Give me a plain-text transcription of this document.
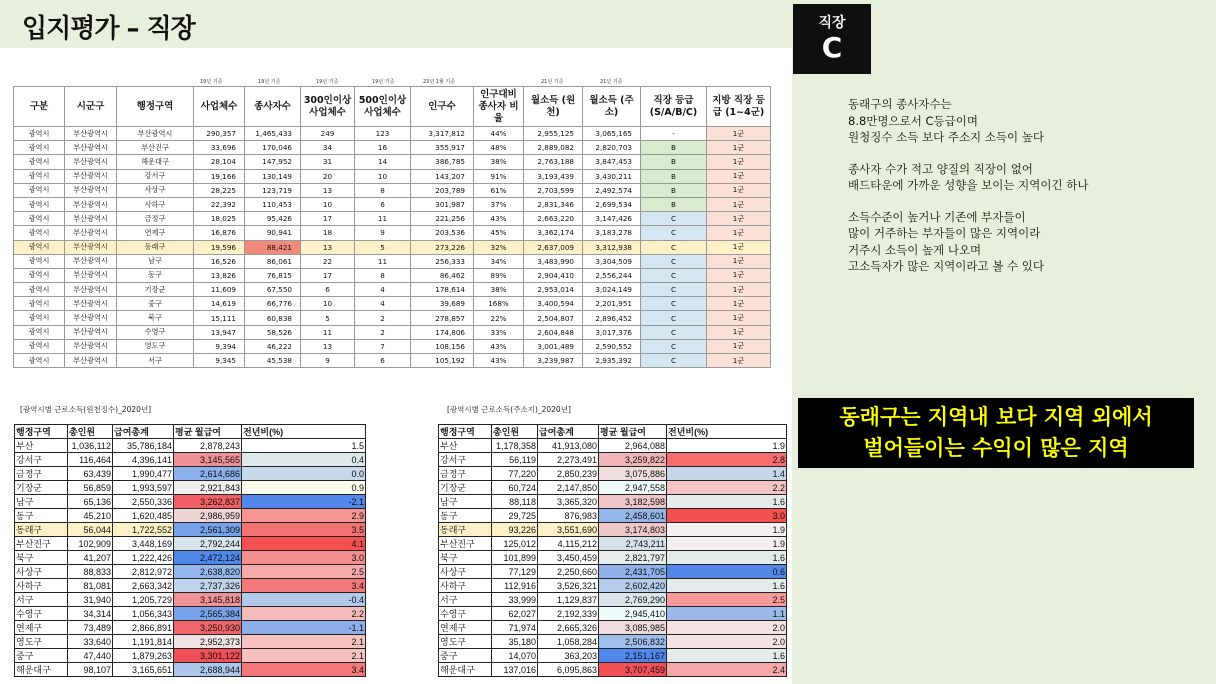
입지평가 – 직장	직장
C
19년 기준	19년 기준	19년 기준	19년 기준	23년 1월 기준	21년 기준	21년 기준
구분	시군구	행정구역	사업체수	종사자수	300인이상 사업체수	500인이상 사업체수	인구수	인구대비 종사자 비율	월소득 (원천)	월소득 (주소)	직장 등급 (S/A/B/C)	지방 직장 등급 (1~4군)
광역시	부산광역시	부산광역시	290,357	1,465,433	249	123	3,317,812	44%	2,955,125	3,065,165	-	1군
광역시	부산광역시	부산진구	33,696	170,046	34	16	355,917	48%	2,889,082	2,820,703	B	1군
광역시	부산광역시	해운대구	28,104	147,952	31	14	386,785	38%	2,763,188	3,847,453	B	1군
광역시	부산광역시	강서구	19,166	130,149	20	10	143,207	91%	3,193,439	3,430,211	B	1군
광역시	부산광역시	사상구	28,225	123,719	13	8	203,789	61%	2,703,599	2,492,574	B	1군
광역시	부산광역시	사하구	22,392	110,453	10	6	301,987	37%	2,831,346	2,699,534	B	1군
광역시	부산광역시	금정구	18,025	95,426	17	11	221,256	43%	2,663,220	3,147,426	C	1군
광역시	부산광역시	연제구	16,876	90,941	18	9	203,536	45%	3,362,174	3,183,278	C	1군
광역시	부산광역시	동래구	19,596	88,421	13	5	273,226	32%	2,637,009	3,312,938	C	1군
광역시	부산광역시	남구	16,526	86,061	22	11	256,333	34%	3,483,990	3,304,509	C	1군
광역시	부산광역시	동구	13,826	76,815	17	8	86,462	89%	2,904,410	2,556,244	C	1군
광역시	부산광역시	기장군	11,609	67,550	6	4	178,614	38%	2,953,014	3,024,149	C	1군
광역시	부산광역시	중구	14,619	66,776	10	4	39,689	168%	3,400,594	2,201,951	C	1군
광역시	부산광역시	북구	15,111	60,838	5	2	278,857	22%	2,504,807	2,896,452	C	1군
광역시	부산광역시	수영구	13,947	58,526	11	2	174,806	33%	2,604,848	3,017,376	C	1군
광역시	부산광역시	영도구	9,394	46,222	13	7	108,156	43%	3,001,489	2,590,552	C	1군
광역시	부산광역시	서구	9,345	45,538	9	6	105,192	43%	3,239,987	2,935,392	C	1군
[광역시별 근로소득(원천징수)_2020년]
행정구역	총인원	급여총계	평균 월급여	전년비(%)
부산	1,036,112	35,786,184	2,878,243	1.5
강서구	116,464	4,396,141	3,145,565	0.4
금정구	63,439	1,990,477	2,614,686	0.0
기장군	56,859	1,993,597	2,921,843	0.9
남구	65,136	2,550,336	3,262,837	-2.1
동구	45,210	1,620,485	2,986,959	2.9
동래구	56,044	1,722,552	2,561,309	3.5
부산진구	102,909	3,448,169	2,792,244	4.1
북구	41,207	1,222,426	2,472,124	3.0
사상구	88,833	2,812,972	2,638,820	2.5
사하구	81,081	2,663,342	2,737,326	3.4
서구	31,940	1,205,729	3,145,818	-0.4
수영구	34,314	1,056,343	2,565,384	2.2
연제구	73,489	2,866,891	3,250,930	-1.1
영도구	33,640	1,191,814	2,952,373	2.1
중구	47,440	1,879,263	3,301,122	2.1
해운대구	98,107	3,165,651	2,688,944	3.4
[광역시별 근로소득(주소지)_2020년]
행정구역	총인원	급여총계	평균 월급여	전년비(%)
부산	1,178,358	41,913,080	2,964,088	1.9
강서구	56,119	2,273,491	3,259,822	2.8
금정구	77,220	2,850,239	3,075,886	1.4
기장군	60,724	2,147,850	2,947,558	2.2
남구	88,118	3,365,320	3,182,598	1.6
동구	29,725	876,983	2,458,601	3.0
동래구	93,226	3,551,690	3,174,803	1.9
부산진구	125,012	4,115,212	2,743,211	1.9
북구	101,899	3,450,459	2,821,797	1.6
사상구	77,129	2,250,660	2,431,705	0.6
사하구	112,916	3,526,321	2,602,420	1.6
서구	33,999	1,129,837	2,769,290	2.5
수영구	62,027	2,192,339	2,945,410	1.1
연제구	71,974	2,665,326	3,085,985	2.0
영도구	35,180	1,058,284	2,506,832	2.0
중구	14,070	363,203	2,151,167	1.6
해운대구	137,016	6,095,863	3,707,459	2.4

동래구의 종사자수는
8.8만명으로서 C등급이며
원청징수 소득 보다 주소지 소득이 높다

종사자 수가 적고 양질의 직장이 없어
배드타운에 가까운 성향을 보이는 지역이긴 하나

소득수준이 높거나 기존에 부자들이
많이 거주하는 부자들이 많은 지역이라
거주시 소득이 높게 나오며
고소득자가 많은 지역이라고 볼 수 있다

동래구는 지역내 보다 지역 외에서
벌어들이는 수익이 많은 지역
